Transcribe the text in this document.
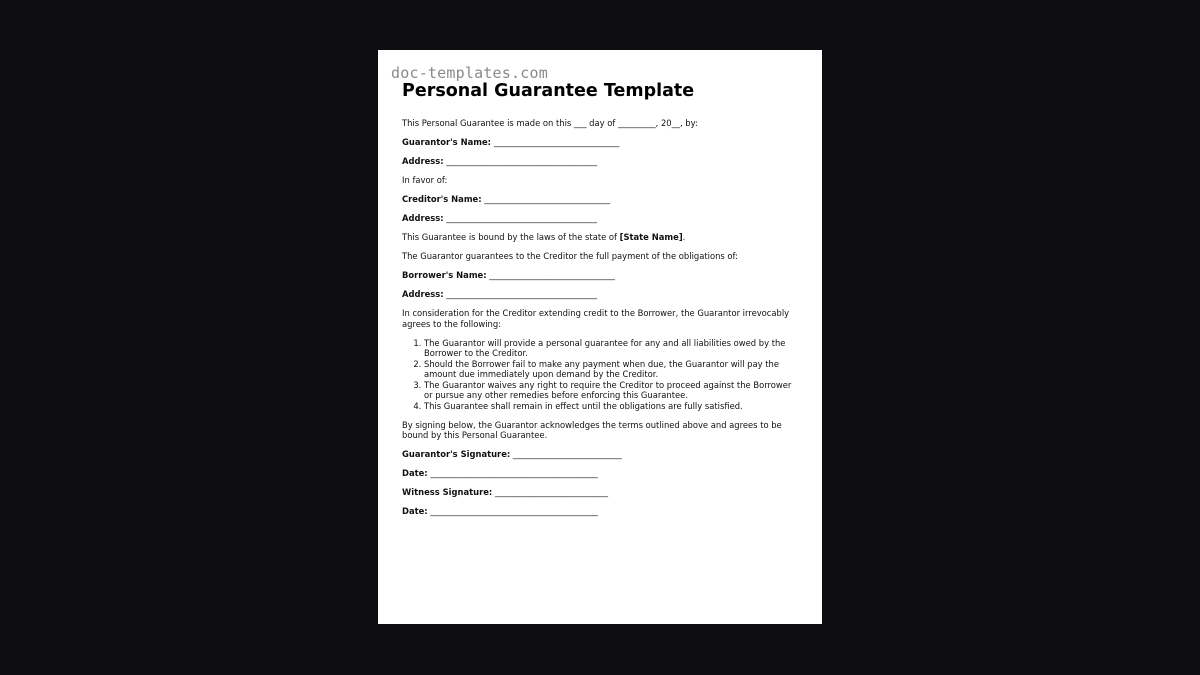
doc-templates.com
Personal Guarantee Template

This Personal Guarantee is made on this ___ day of _________, 20__, by:

Guarantor's Name: ______________________________

Address: ____________________________________

In favor of:

Creditor's Name: ______________________________

Address: ____________________________________

This Guarantee is bound by the laws of the state of [State Name].

The Guarantor guarantees to the Creditor the full payment of the obligations of:

Borrower's Name: ______________________________

Address: ____________________________________

In consideration for the Creditor extending credit to the Borrower, the Guarantor irrevocably agrees to the following:

1. The Guarantor will provide a personal guarantee for any and all liabilities owed by the Borrower to the Creditor.
2. Should the Borrower fail to make any payment when due, the Guarantor will pay the amount due immediately upon demand by the Creditor.
3. The Guarantor waives any right to require the Creditor to proceed against the Borrower or pursue any other remedies before enforcing this Guarantee.
4. This Guarantee shall remain in effect until the obligations are fully satisfied.

By signing below, the Guarantor acknowledges the terms outlined above and agrees to be bound by this Personal Guarantee.

Guarantor's Signature: __________________________

Date: ________________________________________

Witness Signature: ___________________________

Date: ________________________________________
